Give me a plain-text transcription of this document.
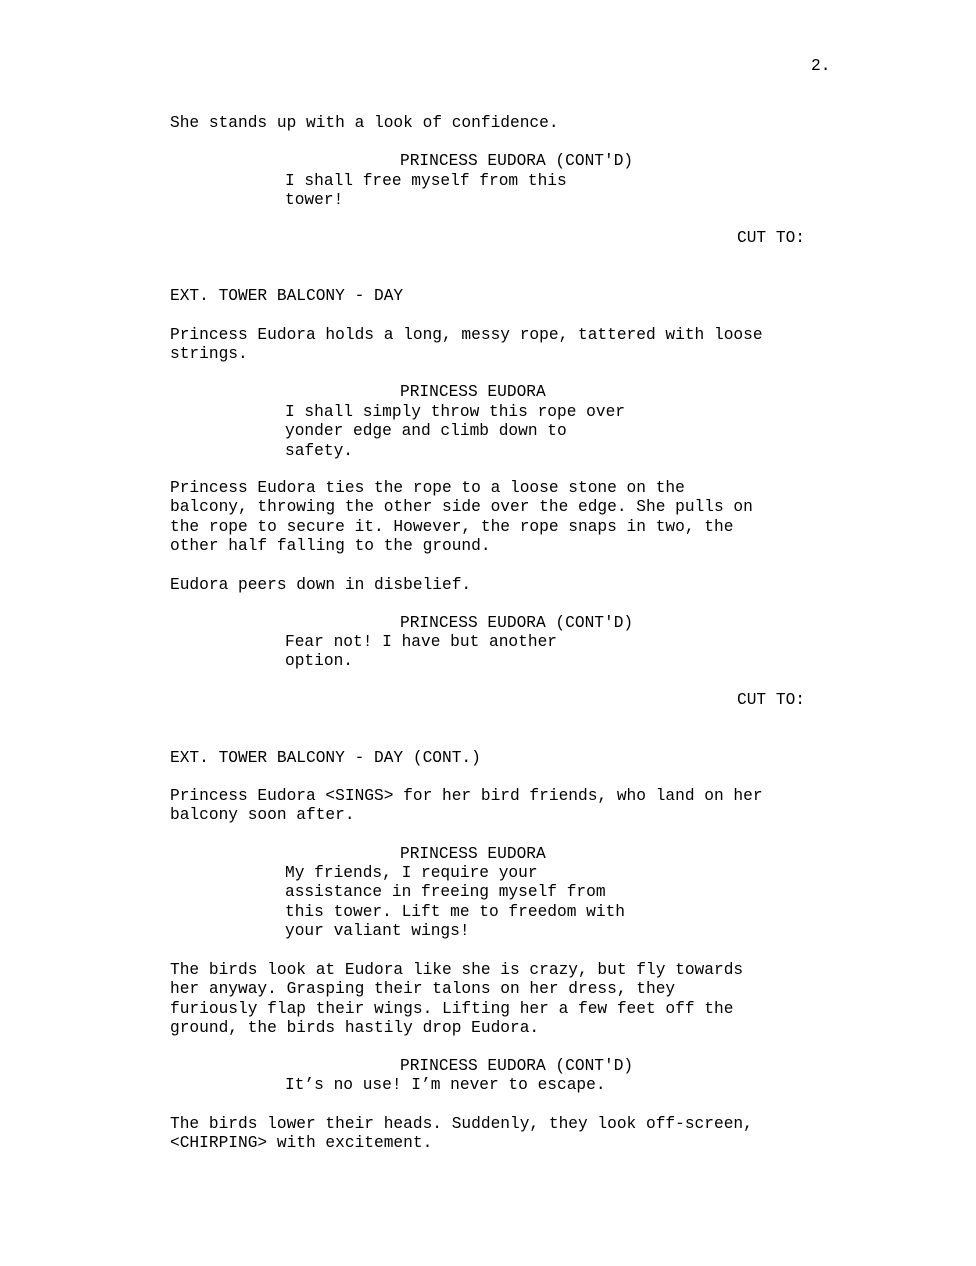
2.
She stands up with a look of confidence.
PRINCESS EUDORA (CONT'D)
I shall free myself from this
tower!
CUT TO:
EXT. TOWER BALCONY - DAY
Princess Eudora holds a long, messy rope, tattered with loose
strings.
PRINCESS EUDORA
I shall simply throw this rope over
yonder edge and climb down to
safety.
Princess Eudora ties the rope to a loose stone on the
balcony, throwing the other side over the edge. She pulls on
the rope to secure it. However, the rope snaps in two, the
other half falling to the ground.
Eudora peers down in disbelief.
PRINCESS EUDORA (CONT'D)
Fear not! I have but another
option.
CUT TO:
EXT. TOWER BALCONY - DAY (CONT.)
Princess Eudora <SINGS> for her bird friends, who land on her
balcony soon after.
PRINCESS EUDORA
My friends, I require your
assistance in freeing myself from
this tower. Lift me to freedom with
your valiant wings!
The birds look at Eudora like she is crazy, but fly towards
her anyway. Grasping their talons on her dress, they
furiously flap their wings. Lifting her a few feet off the
ground, the birds hastily drop Eudora.
PRINCESS EUDORA (CONT'D)
It’s no use! I’m never to escape.
The birds lower their heads. Suddenly, they look off-screen,
<CHIRPING> with excitement.
